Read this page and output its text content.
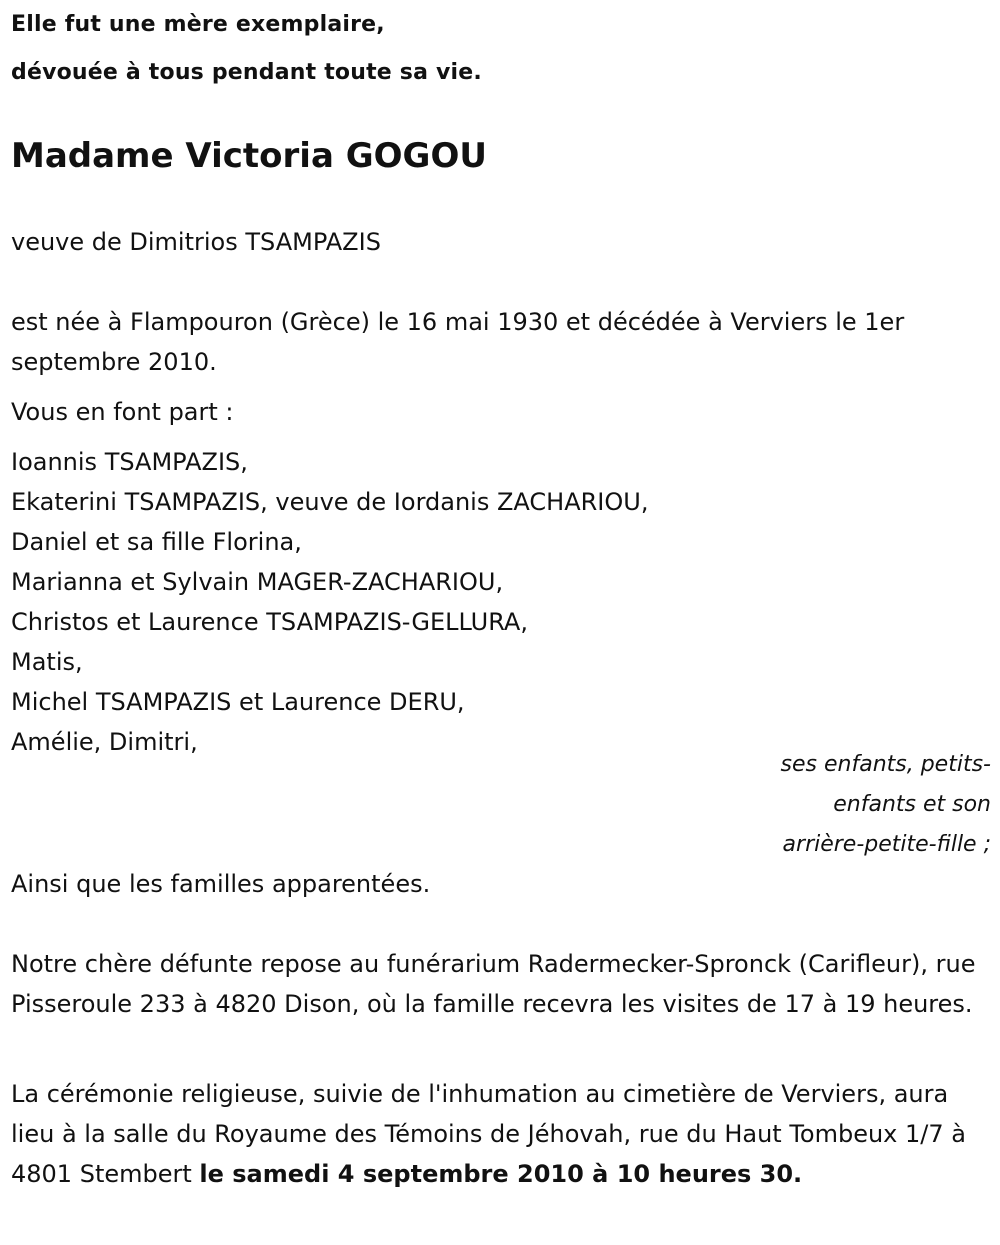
Elle fut une mère exemplaire,

dévouée à tous pendant toute sa vie.

Madame Victoria GOGOU

veuve de Dimitrios TSAMPAZIS

est née à Flampouron (Grèce) le 16 mai 1930 et décédée à Verviers le 1er septembre 2010.

Vous en font part :

Ioannis TSAMPAZIS,
Ekaterini TSAMPAZIS, veuve de Iordanis ZACHARIOU,
Daniel et sa fille Florina,
Marianna et Sylvain MAGER-ZACHARIOU,
Christos et Laurence TSAMPAZIS-GELLURA,
Matis,
Michel TSAMPAZIS et Laurence DERU,
Amélie, Dimitri,

ses enfants, petits-
enfants et son
arrière-petite-fille ;

Ainsi que les familles apparentées.

Notre chère défunte repose au funérarium Radermecker-Spronck (Carifleur), rue Pisseroule 233 à 4820 Dison, où la famille recevra les visites de 17 à 19 heures.

La cérémonie religieuse, suivie de l'inhumation au cimetière de Verviers, aura lieu à la salle du Royaume des Témoins de Jéhovah, rue du Haut Tombeux 1/7 à 4801 Stembert le samedi 4 septembre 2010 à 10 heures 30.
